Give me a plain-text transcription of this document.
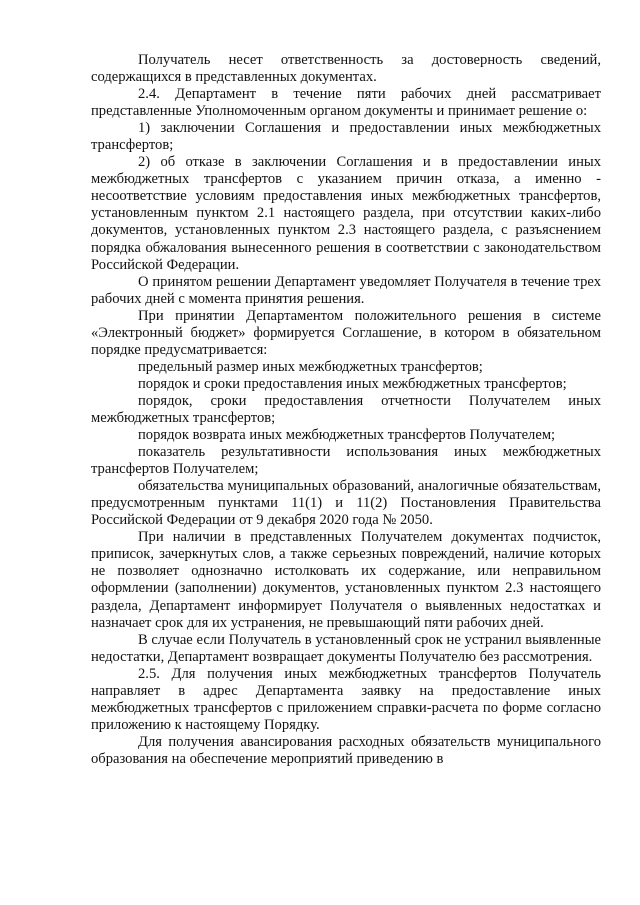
Получатель несет ответственность за достоверность сведений, содержащихся в представленных документах.

2.4. Департамент в течение пяти рабочих дней рассматривает представленные Уполномоченным органом документы и принимает решение о:

1) заключении Соглашения и предоставлении иных межбюджетных трансфертов;

2) об отказе в заключении Соглашения и в предоставлении иных межбюджетных трансфертов с указанием причин отказа, а именно - несоответствие условиям предоставления иных межбюджетных трансфертов, установленным пунктом 2.1 настоящего раздела, при отсутствии каких-либо документов, установленных пунктом 2.3 настоящего раздела, с разъяснением порядка обжалования вынесенного решения в соответствии с законодательством Российской Федерации.

О принятом решении Департамент уведомляет Получателя в течение трех рабочих дней с момента принятия решения.

При принятии Департаментом положительного решения в системе «Электронный бюджет» формируется Соглашение, в котором в обязательном порядке предусматривается:

предельный размер иных межбюджетных трансфертов;

порядок и сроки предоставления иных межбюджетных трансфертов;

порядок, сроки предоставления отчетности Получателем иных межбюджетных трансфертов;

порядок возврата иных межбюджетных трансфертов Получателем;

показатель результативности использования иных межбюджетных трансфертов Получателем;

обязательства муниципальных образований, аналогичные обязательствам, предусмотренным пунктами 11(1) и 11(2) Постановления Правительства Российской Федерации от 9 декабря 2020 года № 2050.

При наличии в представленных Получателем документах подчисток, приписок, зачеркнутых слов, а также серьезных повреждений, наличие которых не позволяет однозначно истолковать их содержание, или неправильном оформлении (заполнении) документов, установленных пунктом 2.3 настоящего раздела, Департамент информирует Получателя о выявленных недостатках и назначает срок для их устранения, не превышающий пяти рабочих дней.

В случае если Получатель в установленный срок не устранил выявленные недостатки, Департамент возвращает документы Получателю без рассмотрения.

2.5. Для получения иных межбюджетных трансфертов Получатель направляет в адрес Департамента заявку на предоставление иных межбюджетных трансфертов с приложением справки-расчета по форме согласно приложению к настоящему Порядку.

Для получения авансирования расходных обязательств муниципального образования на обеспечение мероприятий приведению в
